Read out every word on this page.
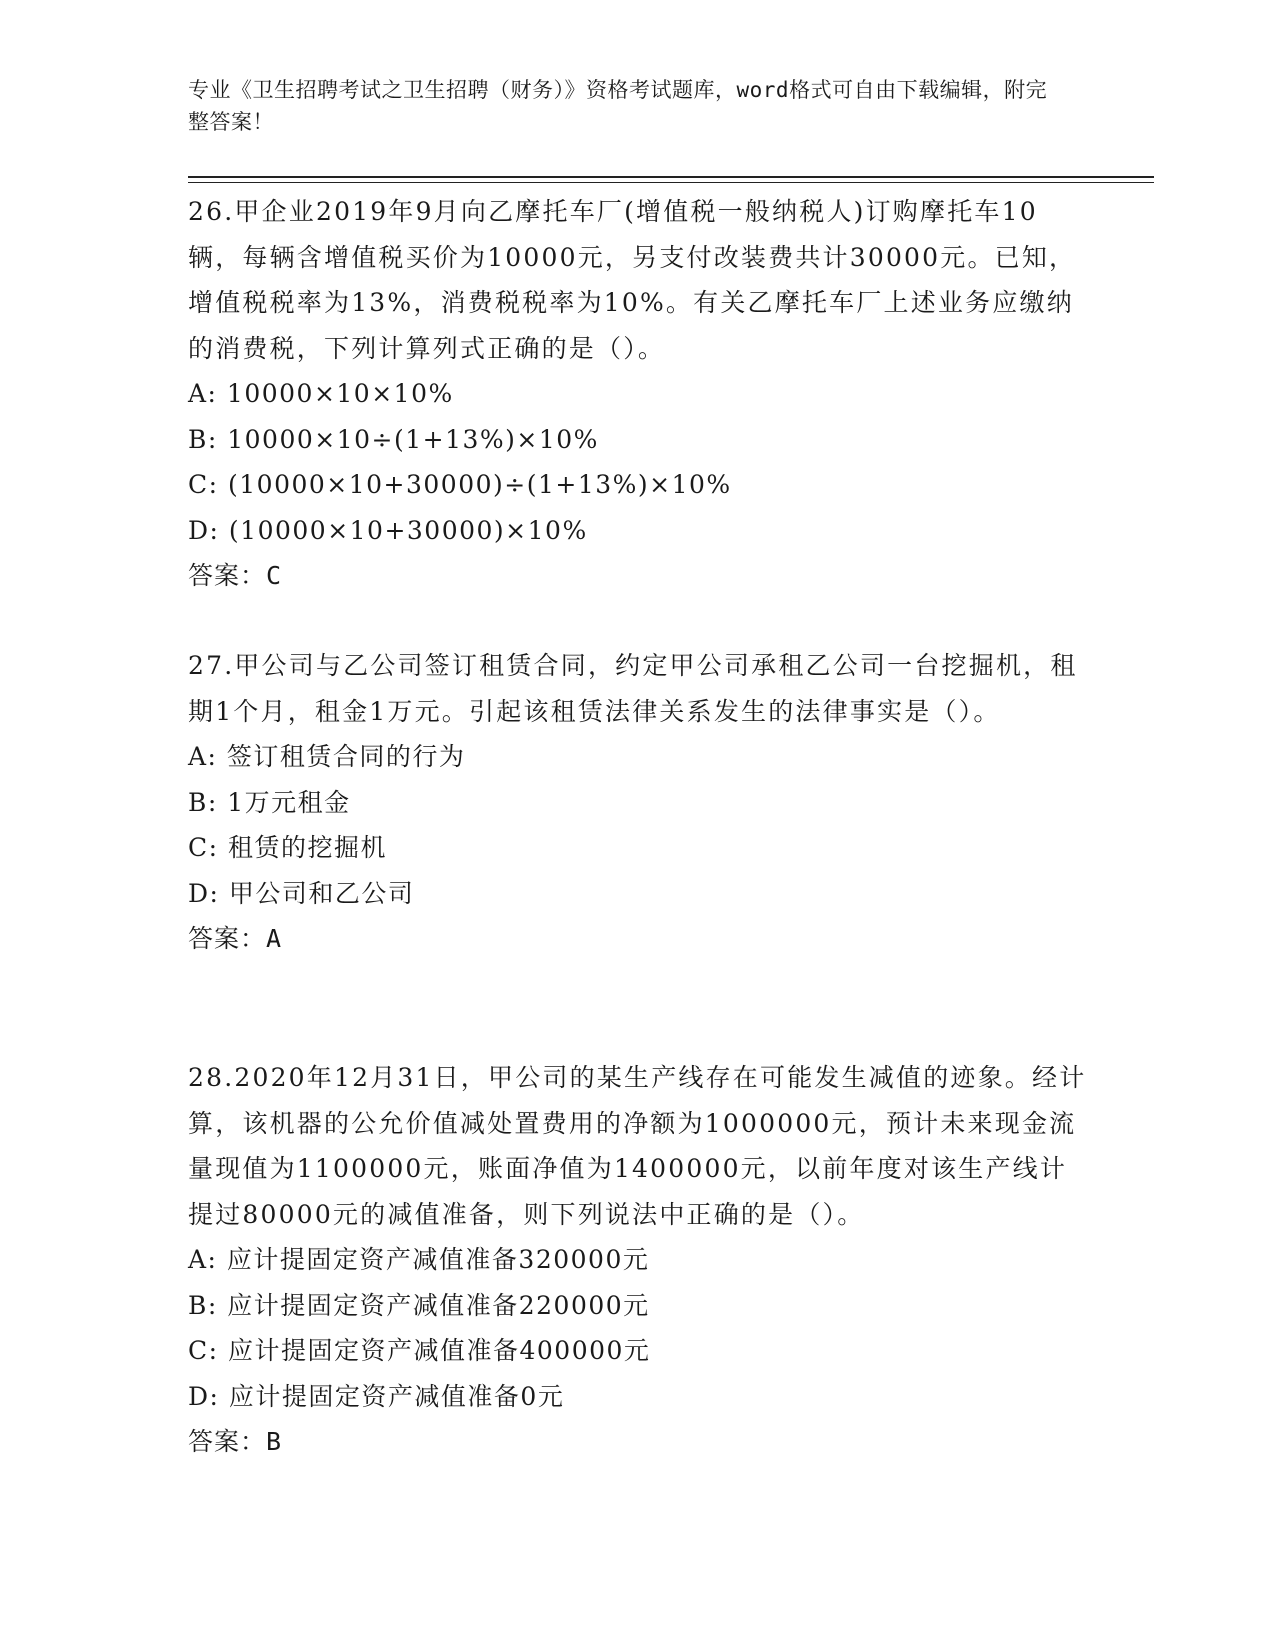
专业《卫生招聘考试之卫生招聘（财务）》资格考试题库，word格式可自由下载编辑，附完整答案！

26.甲企业2019年9月向乙摩托车厂(增值税一般纳税人)订购摩托车10辆，每辆含增值税买价为10000元，另支付改装费共计30000元。已知，增值税税率为13%，消费税税率为10%。有关乙摩托车厂上述业务应缴纳的消费税，下列计算列式正确的是（）。

A: 10000×10×10%

B: 10000×10÷(1+13%)×10%

C: (10000×10+30000)÷(1+13%)×10%

D: (10000×10+30000)×10%

答案：C

27.甲公司与乙公司签订租赁合同，约定甲公司承租乙公司一台挖掘机，租期1个月，租金1万元。引起该租赁法律关系发生的法律事实是（）。

A: 签订租赁合同的行为

B: 1万元租金

C: 租赁的挖掘机

D: 甲公司和乙公司

答案：A

28.2020年12月31日，甲公司的某生产线存在可能发生减值的迹象。经计算，该机器的公允价值减处置费用的净额为1000000元，预计未来现金流量现值为1100000元，账面净值为1400000元，以前年度对该生产线计提过80000元的减值准备，则下列说法中正确的是（）。

A: 应计提固定资产减值准备320000元

B: 应计提固定资产减值准备220000元

C: 应计提固定资产减值准备400000元

D: 应计提固定资产减值准备0元

答案：B
